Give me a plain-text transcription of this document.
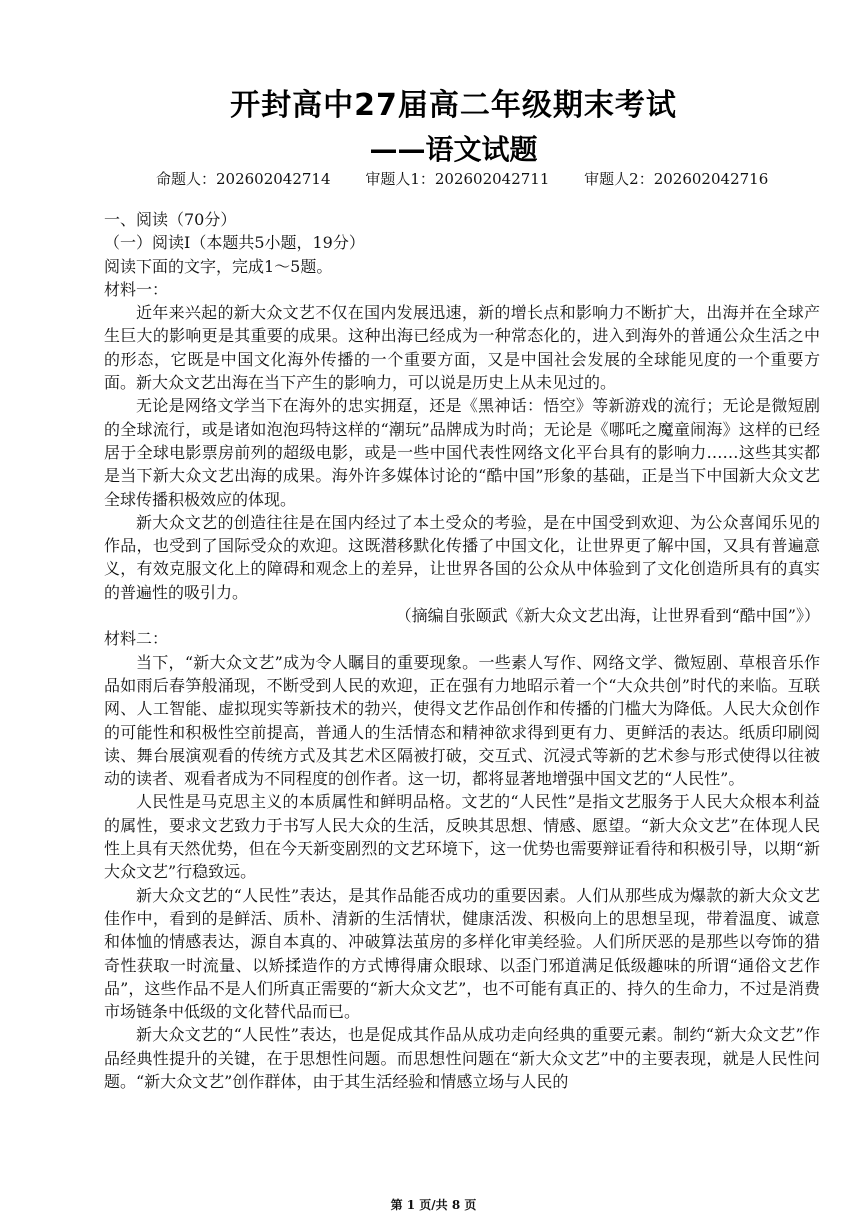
开封高中27届高二年级期末考试
——语文试题
命题人：202602042714 审题人1：202602042711 审题人2：202602042716

一、阅读（70分）

（一）阅读Ⅰ（本题共5小题，19分）

阅读下面的文字，完成1～5题。

材料一：

近年来兴起的新大众文艺不仅在国内发展迅速，新的增长点和影响力不断扩大，出海并在全球产生巨大的影响更是其重要的成果。这种出海已经成为一种常态化的，进入到海外的普通公众生活之中的形态，它既是中国文化海外传播的一个重要方面，又是中国社会发展的全球能见度的一个重要方面。新大众文艺出海在当下产生的影响力，可以说是历史上从未见过的。

无论是网络文学当下在海外的忠实拥趸，还是《黑神话：悟空》等新游戏的流行；无论是微短剧的全球流行，或是诸如泡泡玛特这样的“潮玩”品牌成为时尚；无论是《哪吒之魔童闹海》这样的已经居于全球电影票房前列的超级电影，或是一些中国代表性网络文化平台具有的影响力……这些其实都是当下新大众文艺出海的成果。海外许多媒体讨论的“酷中国”形象的基础，正是当下中国新大众文艺全球传播积极效应的体现。

新大众文艺的创造往往是在国内经过了本土受众的考验，是在中国受到欢迎、为公众喜闻乐见的作品，也受到了国际受众的欢迎。这既潜移默化传播了中国文化，让世界更了解中国，又具有普遍意义，有效克服文化上的障碍和观念上的差异，让世界各国的公众从中体验到了文化创造所具有的真实的普遍性的吸引力。

（摘编自张颐武《新大众文艺出海，让世界看到“酷中国”》）

材料二：

当下，“新大众文艺”成为令人瞩目的重要现象。一些素人写作、网络文学、微短剧、草根音乐作品如雨后春笋般涌现，不断受到人民的欢迎，正在强有力地昭示着一个“大众共创”时代的来临。互联网、人工智能、虚拟现实等新技术的勃兴，使得文艺作品创作和传播的门槛大为降低。人民大众创作的可能性和积极性空前提高，普通人的生活情态和精神欲求得到更有力、更鲜活的表达。纸质印刷阅读、舞台展演观看的传统方式及其艺术区隔被打破，交互式、沉浸式等新的艺术参与形式使得以往被动的读者、观看者成为不同程度的创作者。这一切，都将显著地增强中国文艺的“人民性”。

人民性是马克思主义的本质属性和鲜明品格。文艺的“人民性”是指文艺服务于人民大众根本利益的属性，要求文艺致力于书写人民大众的生活，反映其思想、情感、愿望。“新大众文艺”在体现人民性上具有天然优势，但在今天新变剧烈的文艺环境下，这一优势也需要辩证看待和积极引导，以期“新大众文艺”行稳致远。

新大众文艺的“人民性”表达，是其作品能否成功的重要因素。人们从那些成为爆款的新大众文艺佳作中，看到的是鲜活、质朴、清新的生活情状，健康活泼、积极向上的思想呈现，带着温度、诚意和体恤的情感表达，源自本真的、冲破算法茧房的多样化审美经验。人们所厌恶的是那些以夸饰的猎奇性获取一时流量、以矫揉造作的方式博得庸众眼球、以歪门邪道满足低级趣味的所谓“通俗文艺作品”，这些作品不是人们所真正需要的“新大众文艺”，也不可能有真正的、持久的生命力，不过是消费市场链条中低级的文化替代品而已。

新大众文艺的“人民性”表达，也是促成其作品从成功走向经典的重要元素。制约“新大众文艺”作品经典性提升的关键，在于思想性问题。而思想性问题在“新大众文艺”中的主要表现，就是人民性问题。“新大众文艺”创作群体，由于其生活经验和情感立场与人民的

第 1 页/共 8 页
